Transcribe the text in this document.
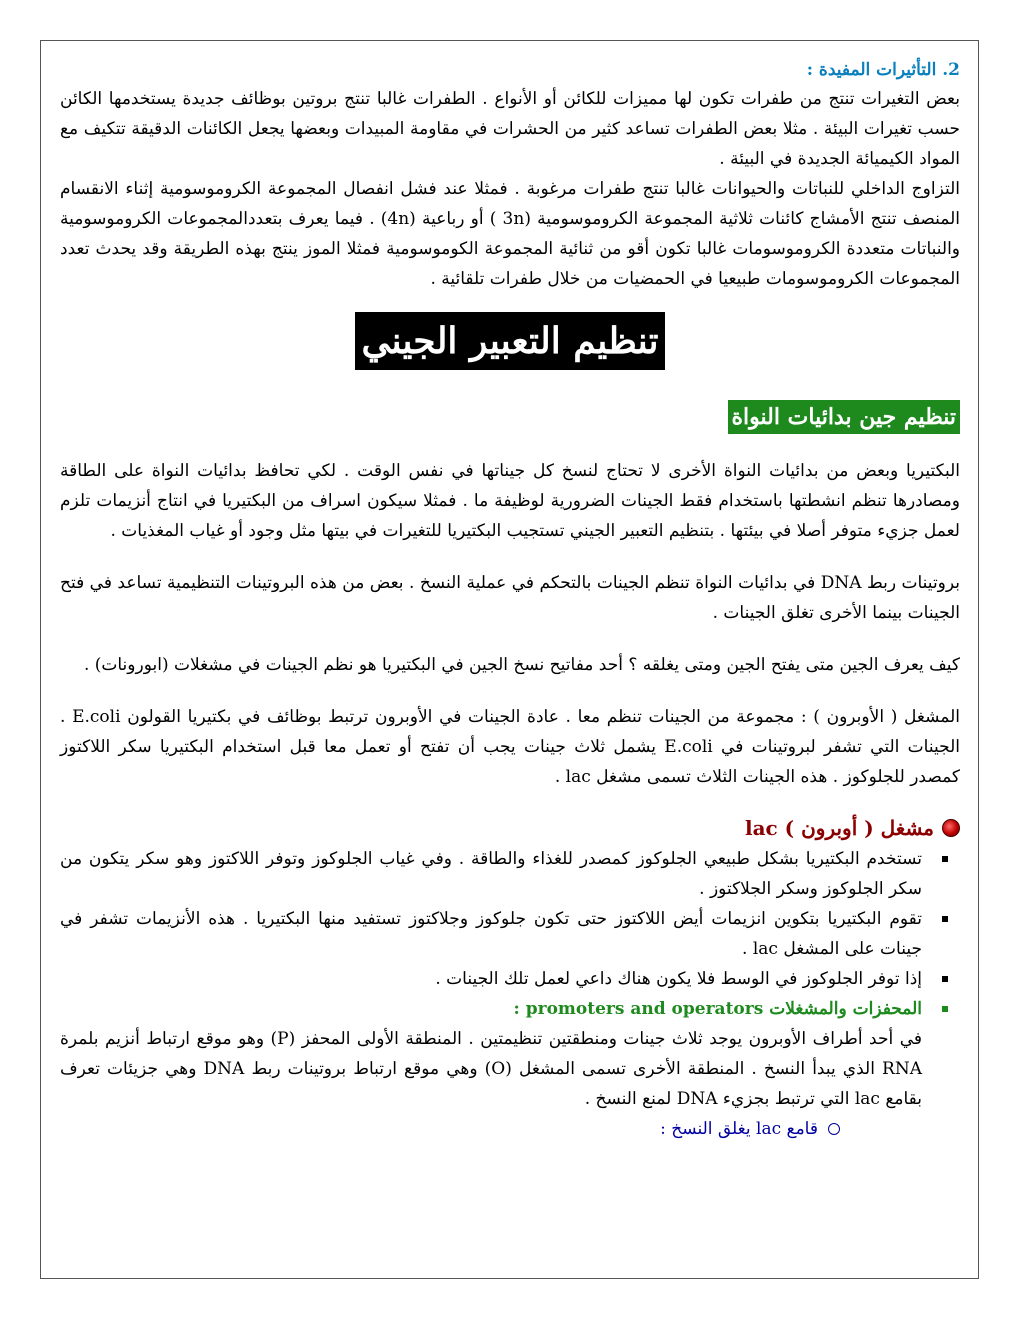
2. التأثيرات المفيدة :

بعض التغيرات تنتج من طفرات تكون لها مميزات للكائن أو الأنواع . الطفرات غالبا تنتج بروتين بوظائف جديدة يستخدمها الكائن حسب تغيرات البيئة . مثلا بعض الطفرات تساعد كثير من الحشرات في مقاومة المبيدات وبعضها يجعل الكائنات الدقيقة تتكيف مع المواد الكيميائة الجديدة في البيئة .

التزاوج الداخلي للنباتات والحيوانات غالبا تنتج طفرات مرغوبة . فمثلا عند فشل انفصال المجموعة الكروموسومية إثناء الانقسام المنصف تنتج الأمشاج كائنات ثلاثية المجموعة الكروموسومية (3n ) أو رباعية (4n) . فيما يعرف بتعددالمجموعات الكروموسومية والنباتات متعددة الكروموسومات غالبا تكون أقو من ثنائية المجموعة الكوموسومية فمثلا الموز ينتج بهذه الطريقة وقد يحدث تعدد المجموعات الكروموسومات طبيعيا في الحمضيات من خلال طفرات تلقائية .

تنظيم التعبير الجيني
تنظيم جين بدائيات النواة

البكتيريا وبعض من بدائيات النواة الأخرى لا تحتاج لنسخ كل جيناتها في نفس الوقت . لكي تحافظ بدائيات النواة على الطاقة ومصادرها تنظم انشطتها باستخدام فقط الجينات الضرورية لوظيفة ما . فمثلا سيكون اسراف من البكتيريا في انتاج أنزيمات تلزم لعمل جزيء متوفر أصلا في بيئتها . بتنظيم التعبير الجيني تستجيب البكتيريا للتغيرات في بيتها مثل وجود أو غياب المغذيات .

بروتينات ربط DNA في بدائيات النواة تنظم الجينات بالتحكم في عملية النسخ . بعض من هذه البروتينات التنظيمية تساعد في فتح الجينات بينما الأخرى تغلق الجينات .

كيف يعرف الجين متى يفتح الجين ومتى يغلقه ؟ أحد مفاتيح نسخ الجين في البكتيريا هو نظم الجينات في مشغلات (ابورونات) .

المشغل ( الأوبرون ) : مجموعة من الجينات تنظم معا . عادة الجينات في الأوبرون ترتبط بوظائف في بكتيريا القولون E.coli . الجينات التي تشفر لبروتينات في E.coli يشمل ثلاث جينات يجب أن تفتح أو تعمل معا قبل استخدام البكتيريا سكر اللاكتوز كمصدر للجلوكوز . هذه الجينات الثلاث تسمى مشغل lac .

مشغل ( أوبرون ) lac
تستخدم البكتيريا بشكل طبيعي الجلوكوز كمصدر للغذاء والطاقة . وفي غياب الجلوكوز وتوفر اللاكتوز وهو سكر يتكون من سكر الجلوكوز وسكر الجلاكتوز .
تقوم البكتيريا بتكوين انزيمات أيض اللاكتوز حتى تكون جلوكوز وجلاكتوز تستفيد منها البكتيريا . هذه الأنزيمات تشفر في جينات على المشغل lac .
إذا توفر الجلوكوز في الوسط فلا يكون هناك داعي لعمل تلك الجينات .
المحفزات والمشغلات promoters and operators :
في أحد أطراف الأوبرون يوجد ثلاث جينات ومنطقتين تنظيمتين . المنطقة الأولى المحفز (P) وهو موقع ارتباط أنزيم بلمرة RNA الذي يبدأ النسخ . المنطقة الأخرى تسمى المشغل (O) وهي موقع ارتباط بروتينات ربط DNA وهي جزيئات تعرف بقامع lac التي ترتبط بجزيء DNA لمنع النسخ .
قامع lac يغلق النسخ :
